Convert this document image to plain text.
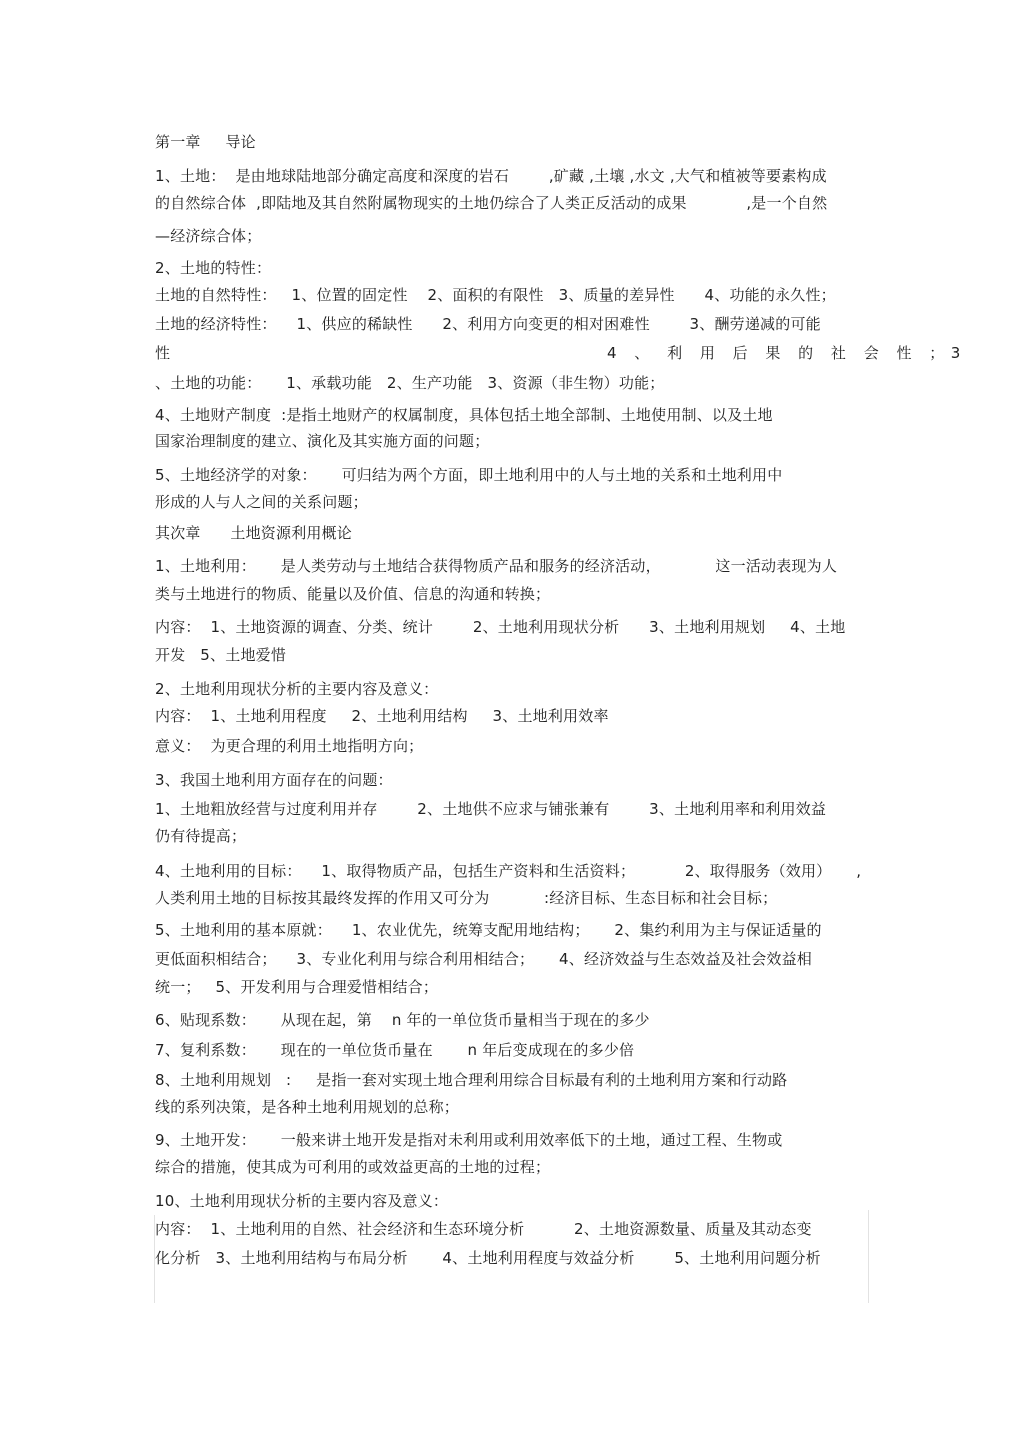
第一章     导论
1、土地：  是由地球陆地部分确定高度和深度的岩石        ,矿藏 ,土壤 ,水文 ,大气和植被等要素构成
的自然综合体  ,即陆地及其自然附属物现实的土地仍综合了人类正反活动的成果            ,是一个自然
—经济综合体；
2、土地的特性：
土地的自然特性：   1、位置的固定性    2、面积的有限性   3、质量的差异性      4、功能的永久性；
土地的经济特性：    1、供应的稀缺性      2、利用方向变更的相对困难性        3、酬劳递减的可能
性	4 、 利 用 后 果 的 社 会 性 ；3
、土地的功能：     1、承载功能   2、生产功能   3、资源（非生物）功能；
4、土地财产制度  :是指土地财产的权属制度，具体包括土地全部制、土地使用制、以及土地
国家治理制度的建立、演化及其实施方面的问题；
5、土地经济学的对象：     可归结为两个方面，即土地利用中的人与土地的关系和土地利用中
形成的人与人之间的关系问题；
其次章      土地资源利用概论
1、土地利用：     是人类劳动与土地结合获得物质产品和服务的经济活动，           这一活动表现为人
类与土地进行的物质、能量以及价值、信息的沟通和转换；
内容：  1、土地资源的调查、分类、统计        2、土地利用现状分析      3、土地利用规划     4、土地
开发   5、土地爱惜
2、土地利用现状分析的主要内容及意义：
内容：  1、土地利用程度     2、土地利用结构     3、土地利用效率
意义：  为更合理的利用土地指明方向；
3、我国土地利用方面存在的问题：
1、土地粗放经营与过度利用并存        2、土地供不应求与铺张兼有        3、土地利用率和利用效益
仍有待提高；
4、土地利用的目标：    1、取得物质产品，包括生产资料和生活资料；          2、取得服务（效用）     ,
人类利用土地的目标按其最终发挥的作用又可分为           :经济目标、生态目标和社会目标；
5、土地利用的基本原就：    1、农业优先，统筹支配用地结构；     2、集约利用为主与保证适量的
更低面积相结合；    3、专业化利用与综合利用相结合；     4、经济效益与生态效益及社会效益相
统一；   5、开发利用与合理爱惜相结合；
6、贴现系数：     从现在起，第    n 年的一单位货币量相当于现在的多少
7、复利系数：     现在的一单位货币量在       n 年后变成现在的多少倍
8、土地利用规划   :     是指一套对实现土地合理利用综合目标最有利的土地利用方案和行动路
线的系列决策，是各种土地利用规划的总称；
9、土地开发：     一般来讲土地开发是指对未利用或利用效率低下的土地，通过工程、生物或
综合的措施，使其成为可利用的或效益更高的土地的过程；
10、土地利用现状分析的主要内容及意义：
内容：  1、土地利用的自然、社会经济和生态环境分析          2、土地资源数量、质量及其动态变
化分析   3、土地利用结构与布局分析       4、土地利用程度与效益分析        5、土地利用问题分析
